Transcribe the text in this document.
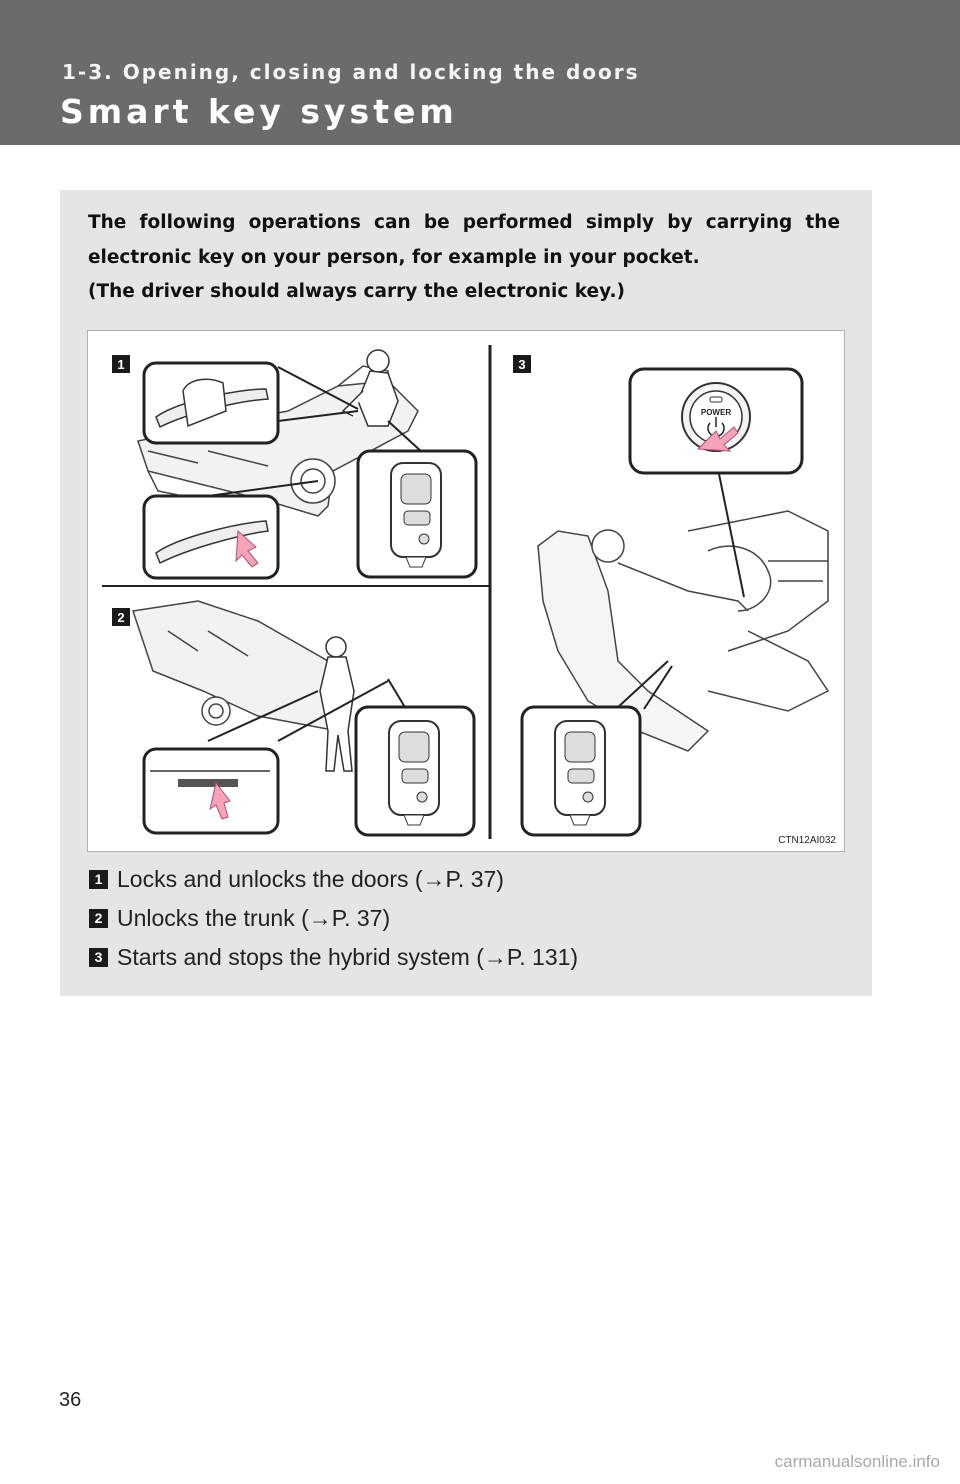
1-3. Opening, closing and locking the doors
Smart key system

The following operations can be performed simply by carrying the electronic key on your person, for example in your pocket.

(The driver should always carry the electronic key.)

1	3
2
POWER
CTN12AI032
1 Locks and unlocks the doors (→P. 37)
2 Unlocks the trunk (→P. 37)
3 Starts and stops the hybrid system (→P. 131)
36
carmanualsonline.info
